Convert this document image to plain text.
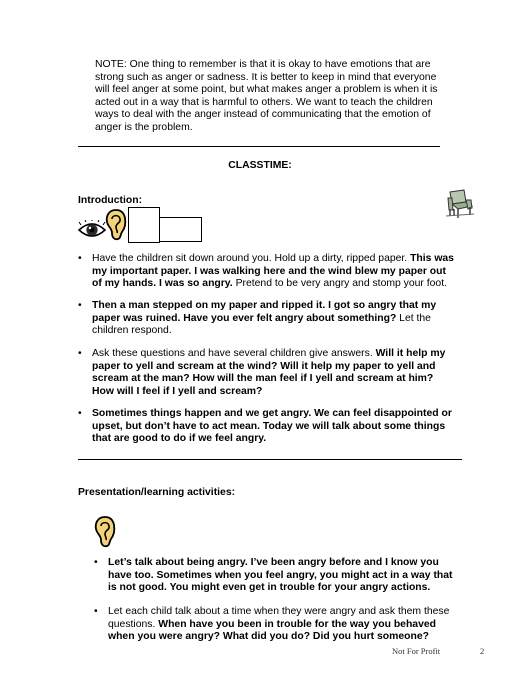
NOTE: One thing to remember is that it is okay to have emotions that are strong such as anger or sadness. It is better to keep in mind that everyone will feel anger at some point, but what makes anger a problem is when it is acted out in a way that is harmful to others. We want to teach the children ways to deal with the anger instead of communicating that the emotion of anger is the problem.
CLASSTIME:
Introduction:
• Have the children sit down around you. Hold up a dirty, ripped paper. This was my important paper. I was walking here and the wind blew my paper out of my hands. I was so angry. Pretend to be very angry and stomp your foot.
• Then a man stepped on my paper and ripped it. I got so angry that my paper was ruined. Have you ever felt angry about something? Let the children respond.
• Ask these questions and have several children give answers. Will it help my paper to yell and scream at the wind? Will it help my paper to yell and scream at the man? How will the man feel if I yell and scream at him? How will I feel if I yell and scream?
• Sometimes things happen and we get angry. We can feel disappointed or upset, but don’t have to act mean. Today we will talk about some things that are good to do if we feel angry.
Presentation/learning activities:
• Let’s talk about being angry. I’ve been angry before and I know you have too. Sometimes when you feel angry, you might act in a way that is not good. You might even get in trouble for your angry actions.
• Let each child talk about a time when they were angry and ask them these questions. When have you been in trouble for the way you behaved when you were angry? What did you do? Did you hurt someone?
Not For Profit	2
